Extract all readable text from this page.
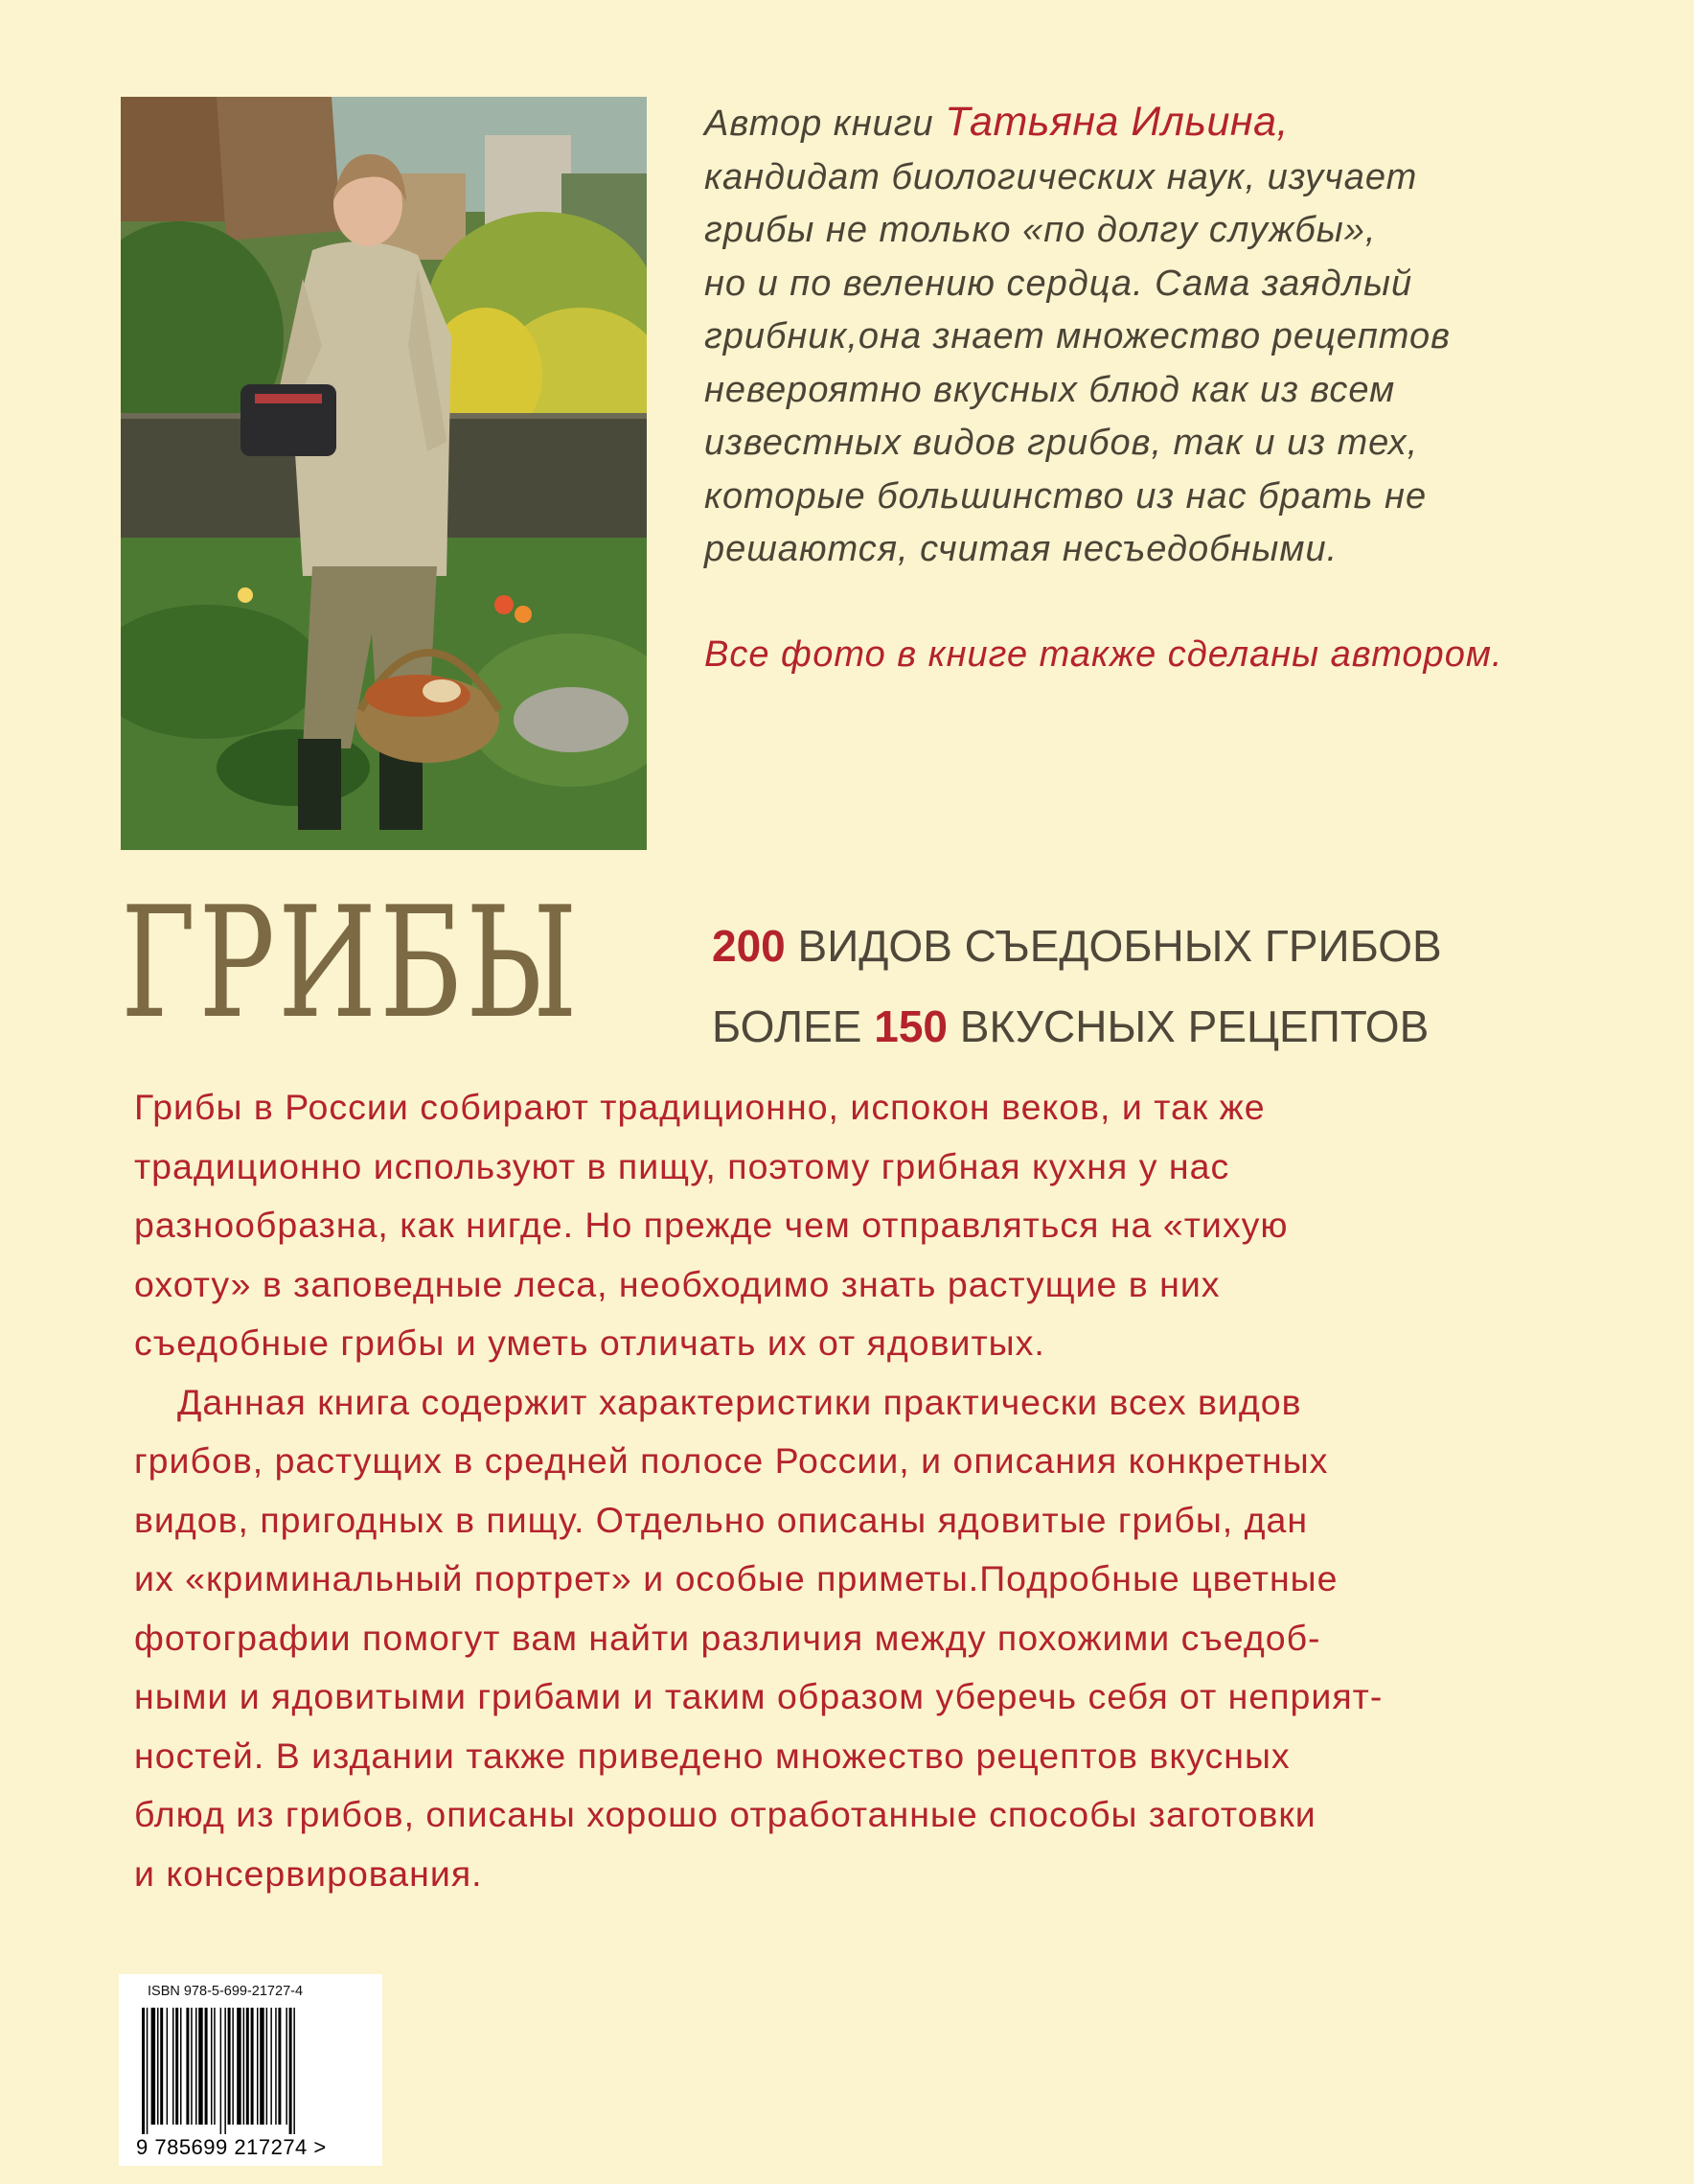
Автор книги Татьяна Ильина,
кандидат биологических наук, изучает
грибы не только «по долгу службы»,
но и по велению сердца. Сама заядлый
грибник,она знает множество рецептов
невероятно вкусных блюд как из всем
известных видов грибов, так и из тех,
которые большинство из нас брать не
решаются, считая несъедобными.
Все фото в книге также сделаны автором.
ГРИБЫ	200 ВИДОВ СЪЕДОБНЫХ ГРИБОВ
БОЛЕЕ 150 ВКУСНЫХ РЕЦЕПТОВ
Грибы в России собирают традиционно, испокон веков, и так же
традиционно используют в пищу, поэтому грибная кухня у нас
разнообразна, как нигде. Но прежде чем отправляться на «тихую
охоту» в заповедные леса, необходимо знать растущие в них
съедобные грибы и уметь отличать их от ядовитых.
Данная книга содержит характеристики практически всех видов
грибов, растущих в средней полосе России, и описания конкретных
видов, пригодных в пищу. Отдельно описаны ядовитые грибы, дан
их «криминальный портрет» и особые приметы.Подробные цветные
фотографии помогут вам найти различия между похожими съедоб-
ными и ядовитыми грибами и таким образом уберечь себя от неприят-
ностей. В издании также приведено множество рецептов вкусных
блюд из грибов, описаны хорошо отработанные способы заготовки
и консервирования.
ISBN 978-5-699-21727-4
9 785699 217274 >
